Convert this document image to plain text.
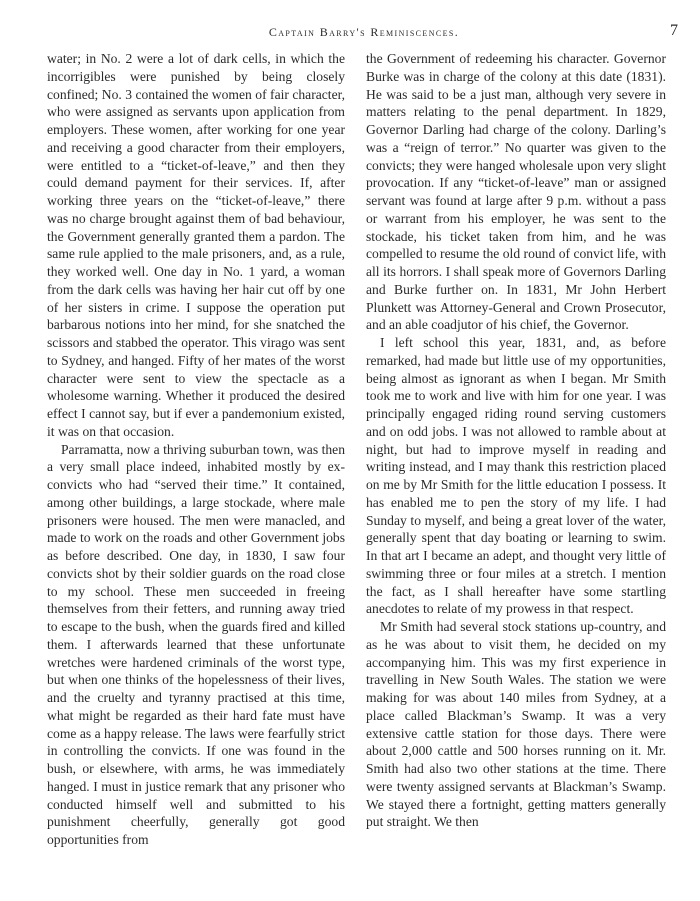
Captain Barry's Reminiscences.	7

water; in No. 2 were a lot of dark cells, in which the incorrigibles were punished by being closely confined; No. 3 contained the women of fair character, who were assigned as servants upon application from employers. These women, after working for one year and receiving a good character from their employers, were entitled to a “ticket-of-leave,” and then they could demand payment for their services. If, after working three years on the “ticket-of-leave,” there was no charge brought against them of bad behaviour, the Government generally granted them a pardon. The same rule applied to the male prisoners, and, as a rule, they worked well. One day in No. 1 yard, a woman from the dark cells was having her hair cut off by one of her sisters in crime. I suppose the operation put barbarous notions into her mind, for she snatched the scissors and stabbed the operator. This virago was sent to Sydney, and hanged. Fifty of her mates of the worst character were sent to view the spectacle as a wholesome warning. Whether it produced the desired effect I cannot say, but if ever a pandemonium existed, it was on that occasion.

Parramatta, now a thriving suburban town, was then a very small place indeed, inhabited mostly by ex-convicts who had “served their time.” It contained, among other buildings, a large stockade, where male prisoners were housed. The men were manacled, and made to work on the roads and other Government jobs as before described. One day, in 1830, I saw four convicts shot by their soldier guards on the road close to my school. These men succeeded in freeing themselves from their fetters, and running away tried to escape to the bush, when the guards fired and killed them. I afterwards learned that these unfortunate wretches were hardened criminals of the worst type, but when one thinks of the hopelessness of their lives, and the cruelty and tyranny practised at this time, what might be regarded as their hard fate must have come as a happy release. The laws were fearfully strict in controlling the convicts. If one was found in the bush, or elsewhere, with arms, he was immediately hanged. I must in justice remark that any prisoner who conducted himself well and submitted to his punishment cheerfully, generally got good opportunities from

the Government of redeeming his character. Governor Burke was in charge of the colony at this date (1831). He was said to be a just man, although very severe in matters relating to the penal department. In 1829, Governor Darling had charge of the colony. Darling’s was a “reign of terror.” No quarter was given to the convicts; they were hanged wholesale upon very slight provocation. If any “ticket-of-leave” man or assigned servant was found at large after 9 p.m. without a pass or warrant from his employer, he was sent to the stockade, his ticket taken from him, and he was compelled to resume the old round of convict life, with all its horrors. I shall speak more of Governors Darling and Burke further on. In 1831, Mr John Herbert Plunkett was Attorney-General and Crown Prosecutor, and an able coadjutor of his chief, the Governor.

I left school this year, 1831, and, as before remarked, had made but little use of my opportunities, being almost as ignorant as when I began. Mr Smith took me to work and live with him for one year. I was principally engaged riding round serving customers and on odd jobs. I was not allowed to ramble about at night, but had to improve myself in reading and writing instead, and I may thank this restriction placed on me by Mr Smith for the little education I possess. It has enabled me to pen the story of my life. I had Sunday to myself, and being a great lover of the water, generally spent that day boating or learning to swim. In that art I became an adept, and thought very little of swimming three or four miles at a stretch. I mention the fact, as I shall hereafter have some startling anecdotes to relate of my prowess in that respect.

Mr Smith had several stock stations up-country, and as he was about to visit them, he decided on my accompanying him. This was my first experience in travelling in New South Wales. The station we were making for was about 140 miles from Sydney, at a place called Blackman’s Swamp. It was a very extensive cattle station for those days. There were about 2,000 cattle and 500 horses running on it. Mr. Smith had also two other stations at the time. There were twenty assigned servants at Blackman’s Swamp. We stayed there a fortnight, getting matters generally put straight. We then
